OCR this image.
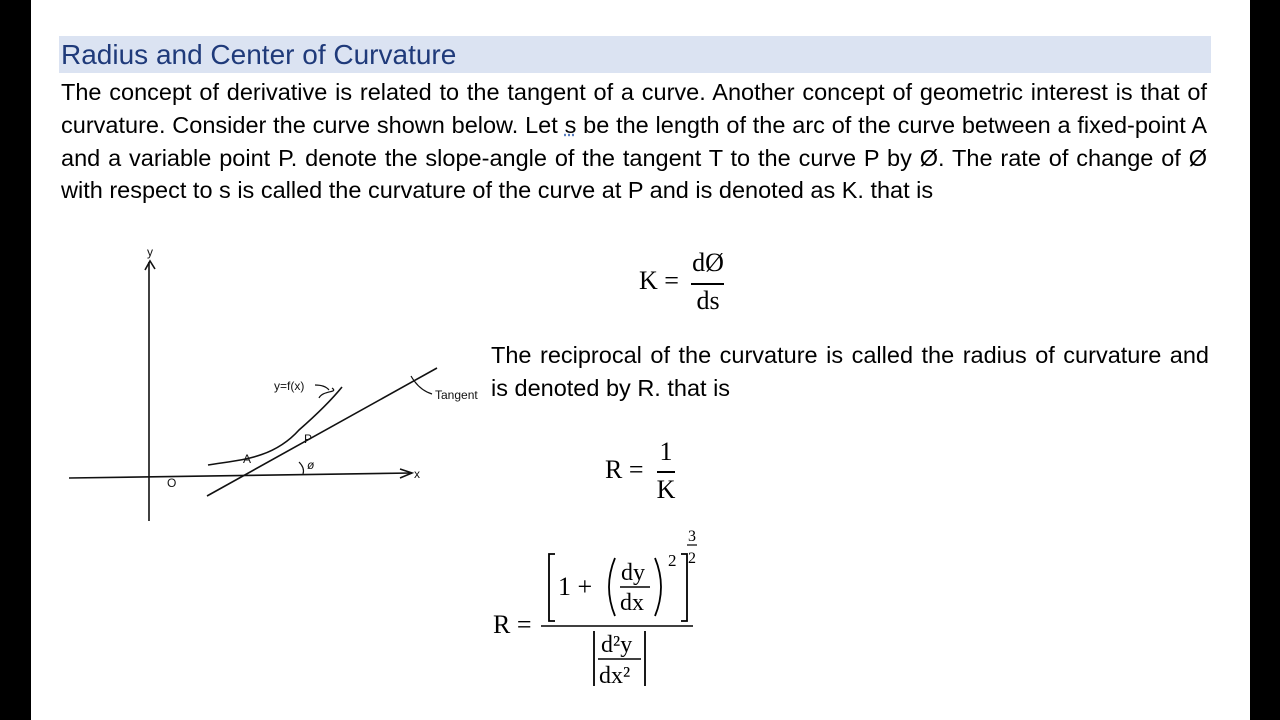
Radius and Center of Curvature

The concept of derivative is related to the tangent of a curve. Another concept of geometric interest is that of curvature. Consider the curve shown below. Let s be the length of the arc of the curve between a fixed-point A and a variable point P. denote the slope-angle of the tangent T to the curve P by Ø. The rate of change of Ø with respect to s is called the curvature of the curve at P and is denoted as K. that is

y
x
O
y=f(x)
Tangent
A
P
ø
K =
dØ
ds

The reciprocal of the curvature is called the radius of curvature and is denoted by R. that is

R =
1
K
R =
1 + dy
dx
2
3
2
d²y
dx²
